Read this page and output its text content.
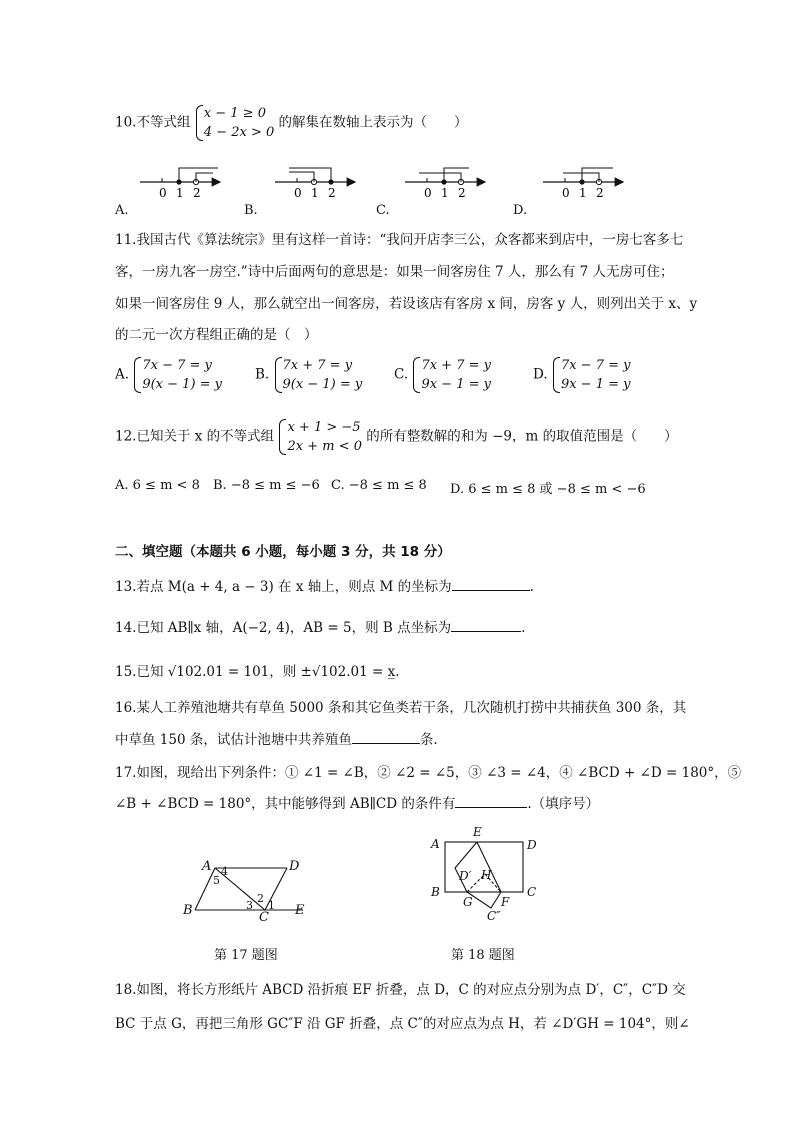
10.不等式组
x − 1 ≥ 0
4 − 2x > 0
的解集在数轴上表示为（　　）
0 1 2	0 1 2	0 1 2	0 1 2
A.	B.	C.	D.
11.我国古代《算法统宗》里有这样一首诗：“我问开店李三公，众客都来到店中，一房七客多七
客，一房九客一房空.”诗中后面两句的意思是：如果一间客房住 7 人，那么有 7 人无房可住；
如果一间客房住 9 人，那么就空出一间客房，若设该店有客房 x 间，房客 y 人，则列出关于 x、y
的二元一次方程组正确的是（　）
A.
7x − 7 = y
9(x − 1) = y
B.
7x + 7 = y
9(x − 1) = y
C.
7x + 7 = y
9x − 1 = y
D.
7x − 7 = y
9x − 1 = y
12.已知关于 x 的不等式组
x + 1 > −5
2x + m < 0
的所有整数解的和为 −9，m 的取值范围是（　　）
A. 6 ≤ m < 8 B. −8 ≤ m ≤ −6 C. −8 ≤ m ≤ 8 D. 6 ≤ m ≤ 8 或 −8 ≤ m < −6
二、填空题（本题共 6 小题，每小题 3 分，共 18 分）
13.若点 M(a + 4, a − 3) 在 x 轴上，则点 M 的坐标为	.
14.已知 AB∥x 轴，A(−2, 4)，AB = 5，则 B 点坐标为	.
15.已知 √102.01 = 101，则 ±√102.01 = x̲.
16.某人工养殖池塘共有草鱼 5000 条和其它鱼类若干条，几次随机打捞中共捕获鱼 300 条，其
中草鱼 150 条，试估计池塘中共养殖鱼	条.
17.如图，现给出下列条件：① ∠1 = ∠B，② ∠2 = ∠5，③ ∠3 = ∠4，④ ∠BCD + ∠D = 180°，⑤
∠B + ∠BCD = 180°，其中能够得到 AB∥CD 的条件有	.（填序号）
A	D
B	C E
4
5
2
3 1
第 17 题图
A
E
D
B	C
D′ H
G F
C″
第 18 题图
18.如图，将长方形纸片 ABCD 沿折痕 EF 折叠，点 D，C 的对应点分别为点 D′，C″，C″D 交
BC 于点 G，再把三角形 GC″F 沿 GF 折叠，点 C″的对应点为点 H，若 ∠D′GH = 104°，则∠
